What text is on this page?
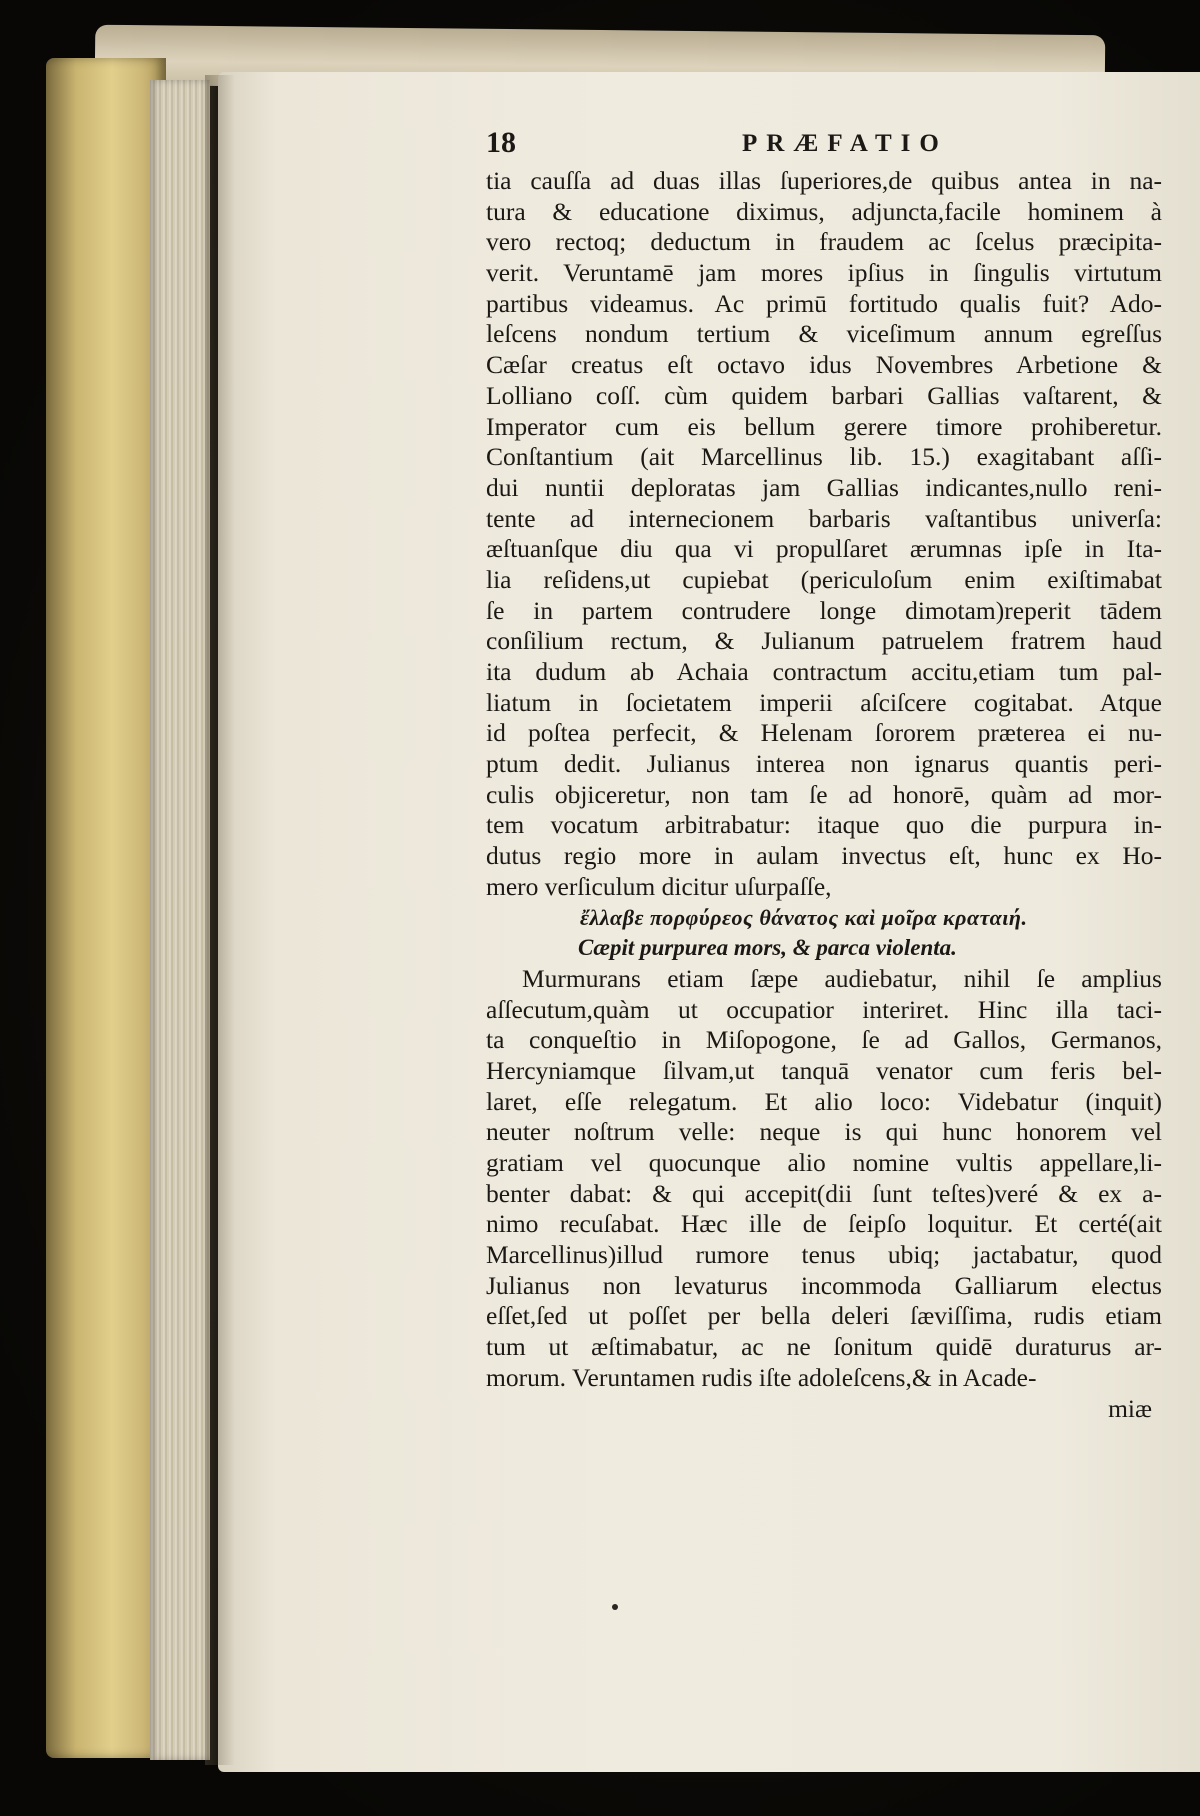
18	PRÆFATIO
tia cauſſa ad duas illas ſuperiores,de quibus antea in na-
tura & educatione diximus, adjuncta,facile hominem à
vero rectoq; deductum in fraudem ac ſcelus præcipita-
verit. Veruntamē jam mores ipſius in ſingulis virtutum
partibus videamus. Ac primū fortitudo qualis fuit? Ado-
leſcens nondum tertium & viceſimum annum egreſſus
Cæſar creatus eſt octavo idus Novembres Arbetione &
Lolliano coſſ. cùm quidem barbari Gallias vaſtarent, &
Imperator cum eis bellum gerere timore prohiberetur.
Conſtantium (ait Marcellinus lib. 15.) exagitabant aſſi-
dui nuntii deploratas jam Gallias indicantes,nullo reni-
tente ad internecionem barbaris vaſtantibus univerſa:
æſtuanſque diu qua vi propulſaret ærumnas ipſe in Ita-
lia reſidens,ut cupiebat (periculoſum enim exiſtimabat
ſe in partem contrudere longe dimotam)reperit tādem
conſilium rectum, & Julianum patruelem fratrem haud
ita dudum ab Achaia contractum accitu,etiam tum pal-
liatum in ſocietatem imperii aſciſcere cogitabat. Atque
id poſtea perfecit, & Helenam ſororem præterea ei nu-
ptum dedit. Julianus interea non ignarus quantis peri-
culis objiceretur, non tam ſe ad honorē, quàm ad mor-
tem vocatum arbitrabatur: itaque quo die purpura in-
dutus regio more in aulam invectus eſt, hunc ex Ho-
mero verſiculum dicitur uſurpaſſe,
ἔλλαβε πορφύρεος θάνατος καὶ μοῖρα κραταιή.
Cæpit purpurea mors, & parca violenta.
Murmurans etiam ſæpe audiebatur, nihil ſe amplius
aſſecutum,quàm ut occupatior interiret. Hinc illa taci-
ta conqueſtio in Miſopogone, ſe ad Gallos, Germanos,
Hercyniamque ſilvam,ut tanquā venator cum feris bel-
laret, eſſe relegatum. Et alio loco: Videbatur (inquit)
neuter noſtrum velle: neque is qui hunc honorem vel
gratiam vel quocunque alio nomine vultis appellare,li-
benter dabat: & qui accepit(dii ſunt teſtes)veré & ex a-
nimo recuſabat. Hæc ille de ſeipſo loquitur. Et certé(ait
Marcellinus)illud rumore tenus ubiq; jactabatur, quod
Julianus non levaturus incommoda Galliarum electus
eſſet,ſed ut poſſet per bella deleri ſæviſſima, rudis etiam
tum ut æſtimabatur, ac ne ſonitum quidē duraturus ar-
morum. Veruntamen rudis iſte adoleſcens,& in Acade-
miæ
